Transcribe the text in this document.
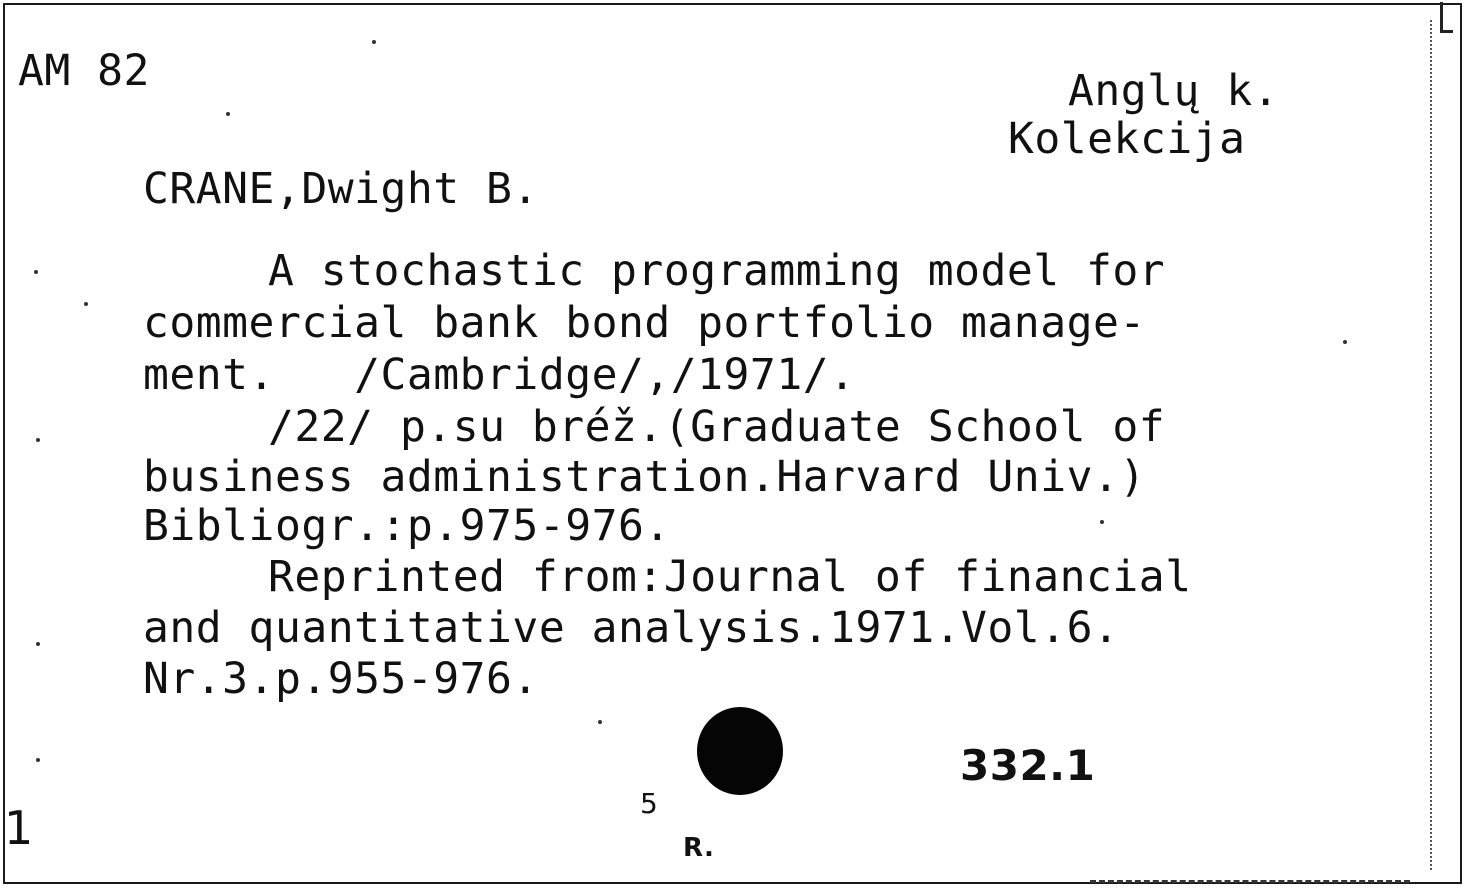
AM 82	Anglų k.
Kolekcija
CRANE,Dwight B.
A stochastic programming model for
commercial bank bond portfolio manage-
ment.   /Cambridge/,/1971/.
/22/ p.su bréž.(Graduate School of
business administration.Harvard Univ.)
Bibliogr.:p.975-976.
Reprinted from:Journal of financial
and quantitative analysis.1971.Vol.6.
Nr.3.p.955-976.
332.1
1	5
R.
